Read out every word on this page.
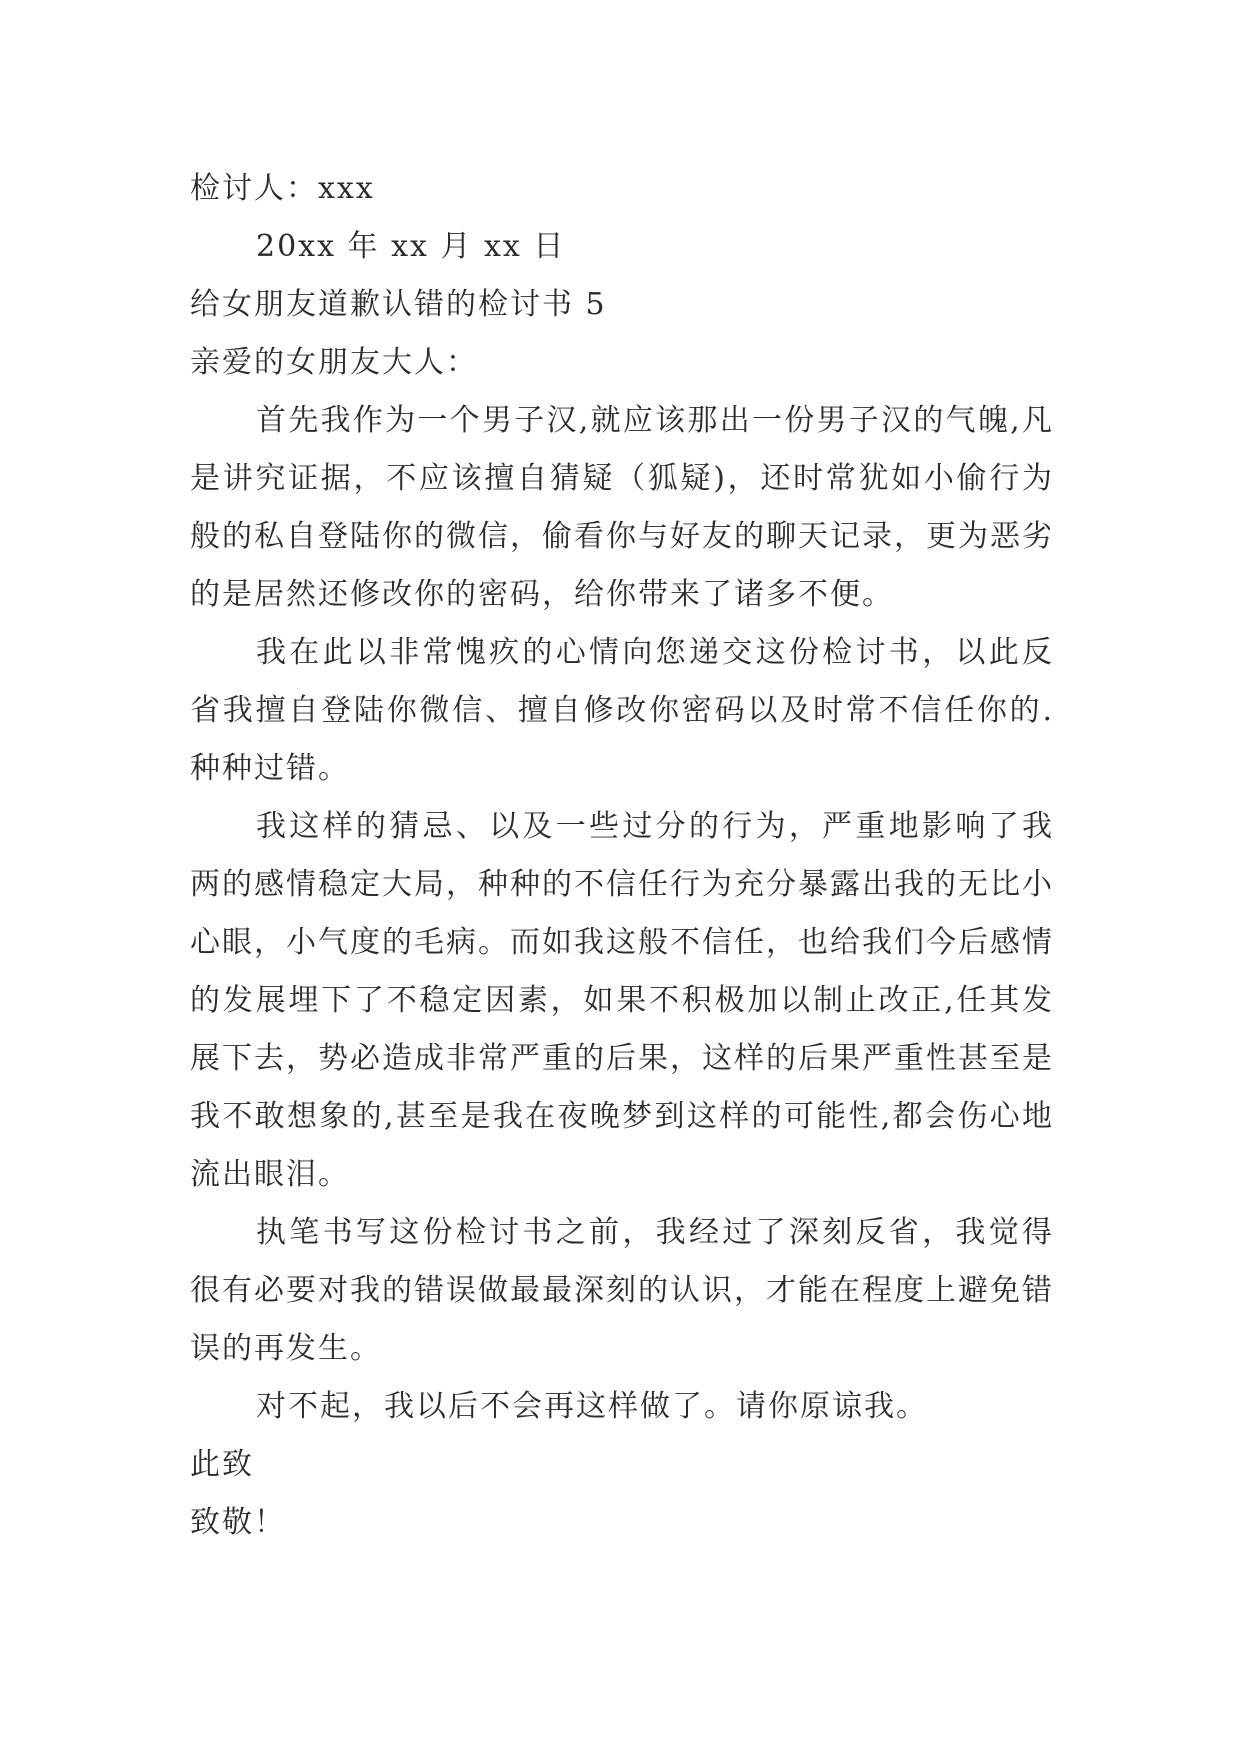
检讨人：xxx
20xx 年 xx 月 xx 日
给女朋友道歉认错的检讨书 5
亲爱的女朋友大人：

首先我作为一个男子汉,就应该那出一份男子汉的气魄,凡是讲究证据，不应该擅自猜疑（狐疑)，还时常犹如小偷行为般的私自登陆你的微信，偷看你与好友的聊天记录，更为恶劣的是居然还修改你的密码，给你带来了诸多不便。

我在此以非常愧疚的心情向您递交这份检讨书，以此反省我擅自登陆你微信、擅自修改你密码以及时常不信任你的.种种过错。

我这样的猜忌、以及一些过分的行为，严重地影响了我两的感情稳定大局，种种的不信任行为充分暴露出我的无比小心眼，小气度的毛病。而如我这般不信任，也给我们今后感情的发展埋下了不稳定因素，如果不积极加以制止改正,任其发展下去，势必造成非常严重的后果，这样的后果严重性甚至是我不敢想象的,甚至是我在夜晚梦到这样的可能性,都会伤心地流出眼泪。

执笔书写这份检讨书之前，我经过了深刻反省，我觉得很有必要对我的错误做最最深刻的认识，才能在程度上避免错误的再发生。

对不起，我以后不会再这样做了。请你原谅我。

此致
致敬！
